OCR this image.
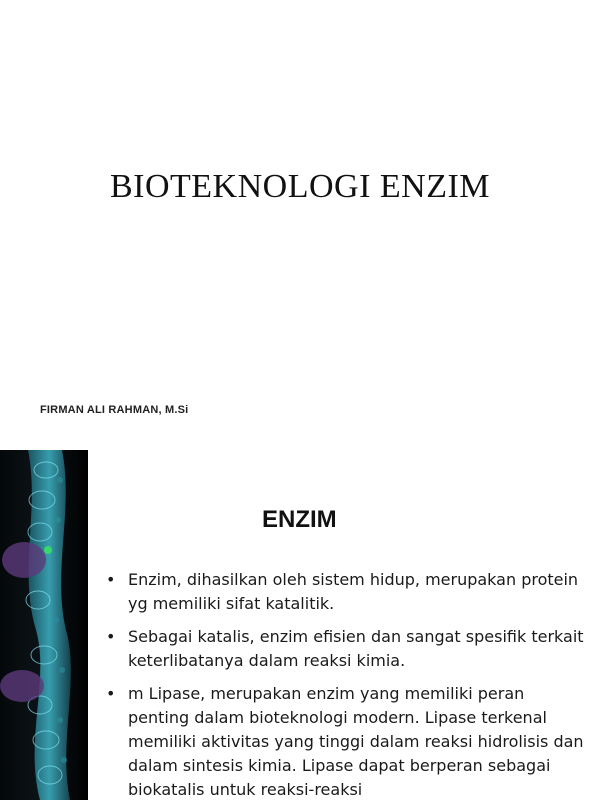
BIOTEKNOLOGI ENZIM
FIRMAN ALI RAHMAN, M.Si
ENZIM
• Enzim, dihasilkan oleh sistem hidup, merupakan protein yg memiliki sifat katalitik.
• Sebagai katalis, enzim efisien dan sangat spesifik terkait keterlibatanya dalam reaksi kimia.
• m Lipase, merupakan enzim yang memiliki peran penting dalam bioteknologi modern. Lipase terkenal memiliki aktivitas yang tinggi dalam reaksi hidrolisis dan dalam sintesis kimia. Lipase dapat berperan sebagai biokatalis untuk reaksi-reaksi
